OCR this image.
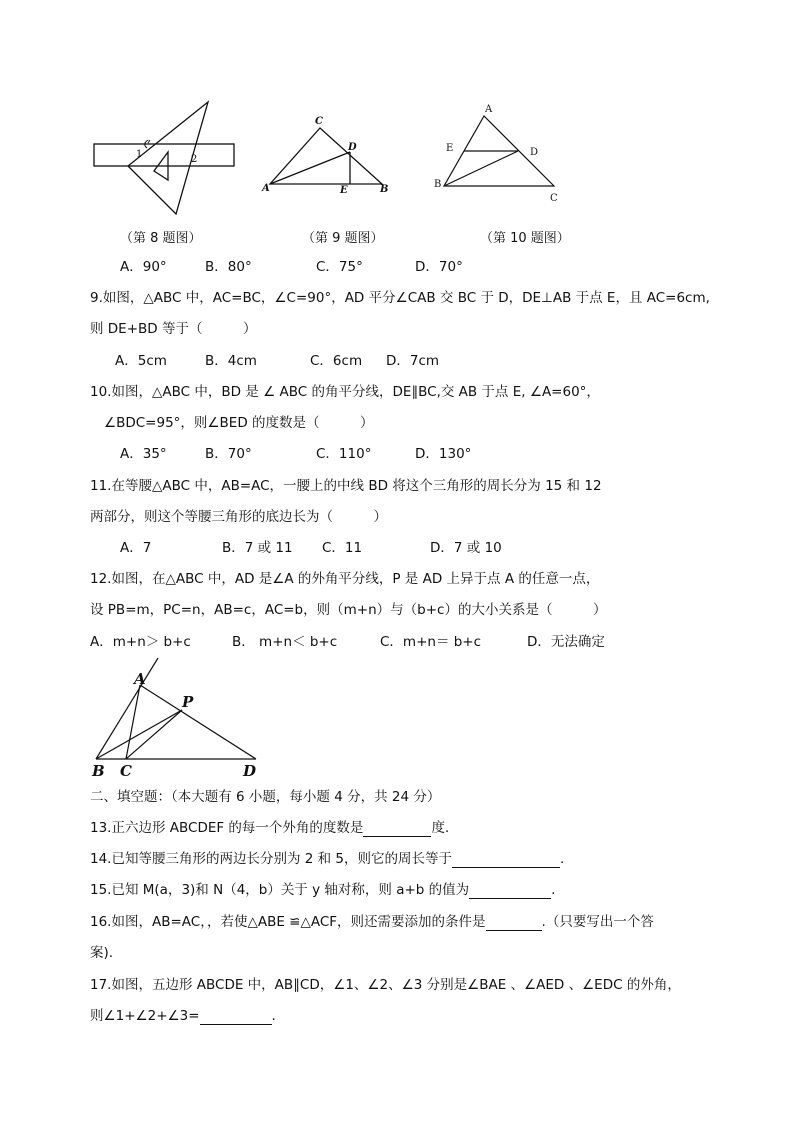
1	2
C
D
A	E	B
A
E	D
B
C
（第 8 题图）	（第 9 题图）	（第 10 题图）
A．90°	B．80°	C．75°	D．70°
9.如图，△ABC 中，AC=BC，∠C=90°，AD 平分∠CAB 交 BC 于 D，DE⊥AB 于点 E，且 AC=6cm,
则 DE+BD 等于（　　　）
A．5cm	B．4cm	C．6cm D．7cm
10.如图，△ABC 中，BD 是 ∠ ABC 的角平分线，DE∥BC,交 AB 于点 E, ∠A=60°，
∠BDC=95°，则∠BED 的度数是（　　　）
A．35°	B．70°	C．110°	D．130°
11.在等腰△ABC 中，AB=AC，一腰上的中线 BD 将这个三角形的周长分为 15 和 12
两部分，则这个等腰三角形的底边长为（　　　）
A．7	B．7 或 11 C．11	D．7 或 10
12.如图，在△ABC 中，AD 是∠A 的外角平分线，P 是 AD 上异于点 A 的任意一点，
设 PB=m，PC=n，AB=c，AC=b，则（m+n）与（b+c）的大小关系是（　　　）
A．m+n＞ b+c	B． m+n＜ b+c	C．m+n＝ b+c	D．无法确定
A
P
B C	D
二、填空题：（本大题有 6 小题，每小题 4 分，共 24 分）
13.正六边形 ABCDEF 的每一个外角的度数是	度.
14.已知等腰三角形的两边长分别为 2 和 5，则它的周长等于	.
15.已知 M(a，3)和 N（4，b）关于 y 轴对称，则 a+b 的值为	.
16.如图，AB=AC，，若使△ABE ≌△ACF，则还需要添加的条件是	.（只要写出一个答
案).
17.如图，五边形 ABCDE 中，AB∥CD，∠1、∠2、∠3 分别是∠BAE 、∠AED 、∠EDC 的外角，
则∠1+∠2+∠3=	.
